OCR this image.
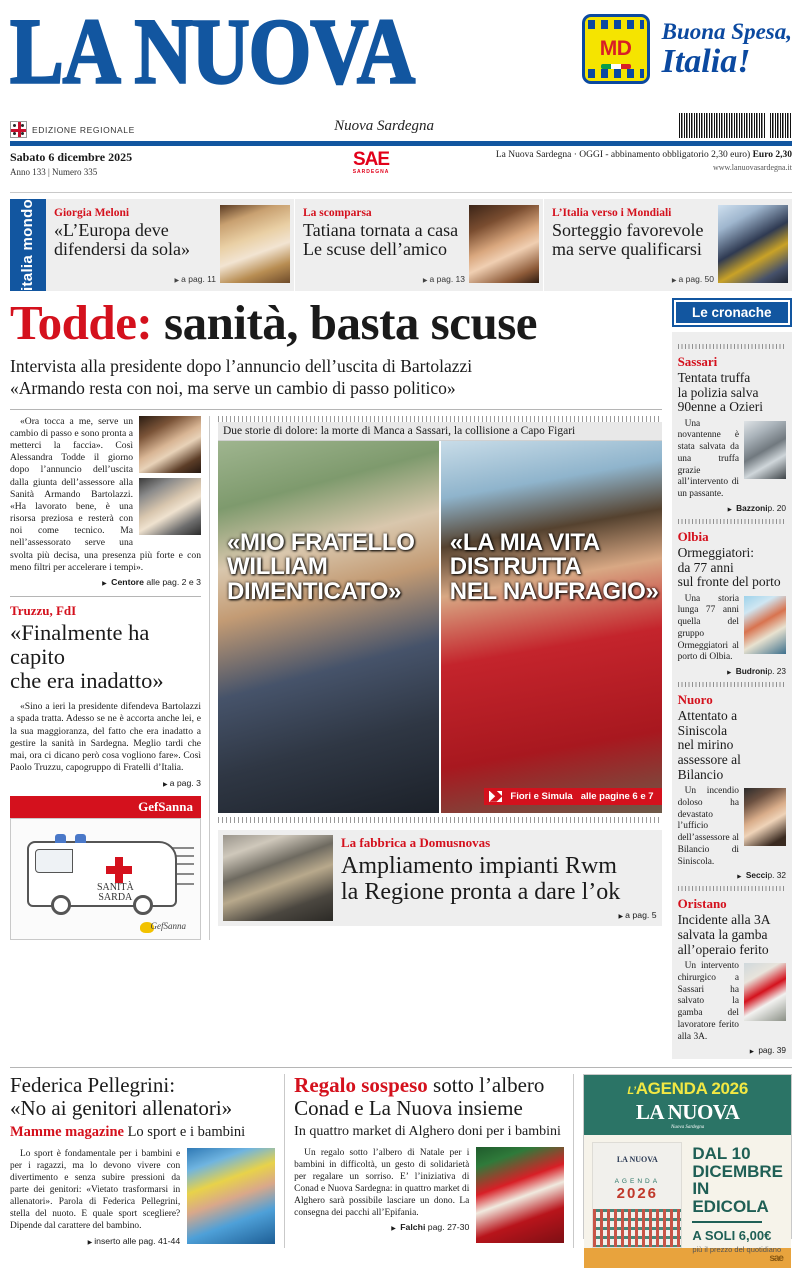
LA NUOVA
Nuova Sardegna
MD
Buona Spesa,
Italia!
EDIZIONE REGIONALE
Sabato 6 dicembre 2025
Anno 133 | Numero 335
SAE
SARDEGNA
La Nuova Sardegna · OGGI - abbinamento obbligatorio 2,30 euro) Euro 2,30
www.lanuovasardegna.it
italia mondo Giorgia Meloni
«L’Europa deve
difendersi da sola»
▶ a pag. 11
La scomparsa
Tatiana tornata a casa
Le scuse dell’amico
▶ a pag. 13
L’Italia verso i Mondiali
Sorteggio favorevole
ma serve qualificarsi
▶ a pag. 50
Todde: sanità, basta scuse
Intervista alla presidente dopo l’annuncio dell’uscita di Bartolazzi
«Armando resta con noi, ma serve un cambio di passo politico»

«Ora tocca a me, serve un cambio di passo e sono pronta a metterci la faccia». Così Alessandra Todde il giorno dopo l’annuncio dell’uscita dalla giunta dell’assessore alla Sanità Armando Bartolazzi. «Ha lavorato bene, è una risorsa preziosa e resterà con noi come tecnico. Ma nell’assessorato serve una svolta più decisa, una presenza più forte e con meno filtri per accelerare i tempi».

▶ Centore alle pag. 2 e 3
Truzzu, FdI
«Finalmente ha capito
che era inadatto»

«Sino a ieri la presidente difendeva Bartolazzi a spada tratta. Adesso se ne è accorta anche lei, e la sua maggioranza, del fatto che era inadatto a gestire la sanità in Sardegna. Meglio tardi che mai, ora ci dicano però cosa vogliono fare». Così Paolo Truzzu, capogruppo di Fratelli d’Italia.

▶ a pag. 3
GefSanna
SANITÀ
SARDA
GefSanna
Due storie di dolore: la morte di Manca a Sassari, la collisione a Capo Figari
«MIO FRATELLO
WILLIAM
DIMENTICATO»
«LA MIA VITA
DISTRUTTA
NEL NAUFRAGIO»
Fiori e Simula alle pagine 6 e 7
La fabbrica a Domusnovas
Ampliamento impianti Rwm
la Regione pronta a dare l’ok
▶ a pag. 5
Le cronache
Sassari
Tentata truffa
la polizia salva
90enne a Ozieri

Una novantenne è stata salvata da una truffa grazie all’intervento di un passante.

▶ Bazzonip. 20
Olbia
Ormeggiatori:
da 77 anni
sul fronte del porto

Una storia lunga 77 anni quella del gruppo Ormeggiatori al porto di Olbia.

▶ Budronip. 23
Nuoro
Attentato a Siniscola
nel mirino
assessore al Bilancio

Un incendio doloso ha devastato l’ufficio dell’assessore al Bilancio di Siniscola.

▶ Seccip. 32
Oristano
Incidente alla 3A
salvata la gamba
all’operaio ferito

Un intervento chirurgico a Sassari ha salvato la gamba del lavoratore ferito alla 3A.

▶ pag. 39
Federica Pellegrini:
«No ai genitori allenatori»
Mamme magazine Lo sport e i bambini

Lo sport è fondamentale per i bambini e per i ragazzi, ma lo devono vivere con divertimento e senza subire pressioni da parte dei genitori: «Vietato trasformarsi in allenatori». Parola di Federica Pellegrini, stella del nuoto. E quale sport scegliere? Dipende dal carattere del bambino.

▶ inserto alle pag. 41-44
Regalo sospeso sotto l’albero
Conad e La Nuova insieme
In quattro market di Alghero doni per i bambini

Un regalo sotto l’albero di Natale per i bambini in difficoltà, un gesto di solidarietà per regalare un sorriso. E’ l’iniziativa di Conad e Nuova Sardegna: in quattro market di Alghero sarà possibile lasciare un dono. La consegna dei pacchi all’Epifania.

▶ Falchi pag. 27-30
L’AGENDA 2026
LA NUOVA
Nuova Sardegna
LA NUOVA
AGENDA
2026
DAL 10
DICEMBRE
IN EDICOLA
A SOLI 6,00€
più il prezzo del quotidiano
sae
